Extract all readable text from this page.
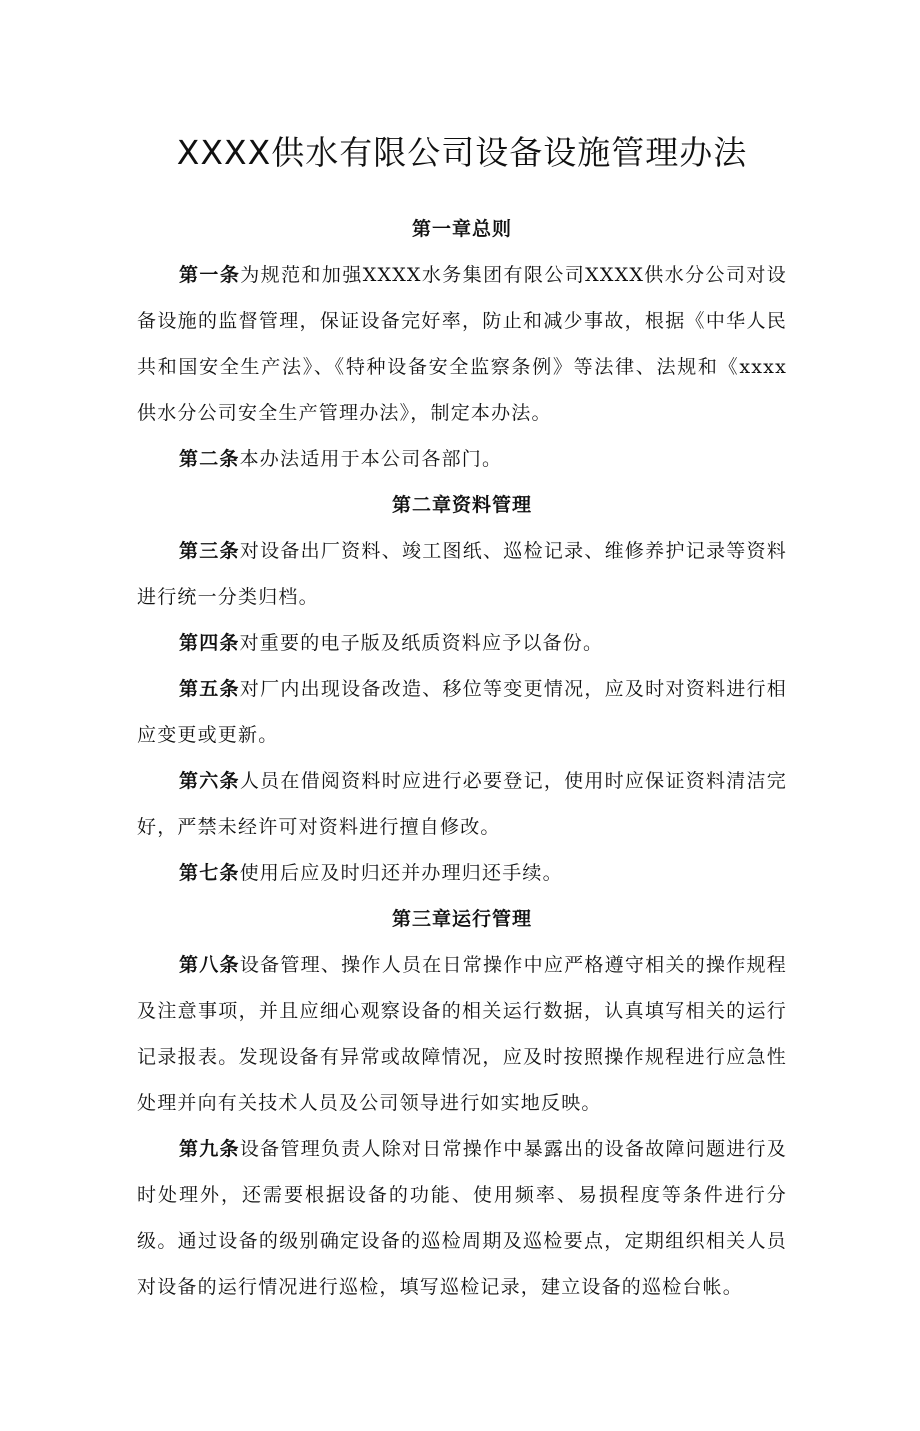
XXXX供水有限公司设备设施管理办法
第一章总则

第一条为规范和加强XXXX水务集团有限公司XXXX供水分公司对设备设施的监督管理，保证设备完好率，防止和减少事故，根据《中华人民共和国安全生产法》、《特种设备安全监察条例》等法律、法规和《xxxx供水分公司安全生产管理办法》，制定本办法。

第二条本办法适用于本公司各部门。

第二章资料管理

第三条对设备出厂资料、竣工图纸、巡检记录、维修养护记录等资料进行统一分类归档。

第四条对重要的电子版及纸质资料应予以备份。

第五条对厂内出现设备改造、移位等变更情况，应及时对资料进行相应变更或更新。

第六条人员在借阅资料时应进行必要登记，使用时应保证资料清洁完好，严禁未经许可对资料进行擅自修改。

第七条使用后应及时归还并办理归还手续。

第三章运行管理

第八条设备管理、操作人员在日常操作中应严格遵守相关的操作规程及注意事项，并且应细心观察设备的相关运行数据，认真填写相关的运行记录报表。发现设备有异常或故障情况，应及时按照操作规程进行应急性处理并向有关技术人员及公司领导进行如实地反映。

第九条设备管理负责人除对日常操作中暴露出的设备故障问题进行及时处理外，还需要根据设备的功能、使用频率、易损程度等条件进行分级。通过设备的级别确定设备的巡检周期及巡检要点，定期组织相关人员对设备的运行情况进行巡检，填写巡检记录，建立设备的巡检台帐。
